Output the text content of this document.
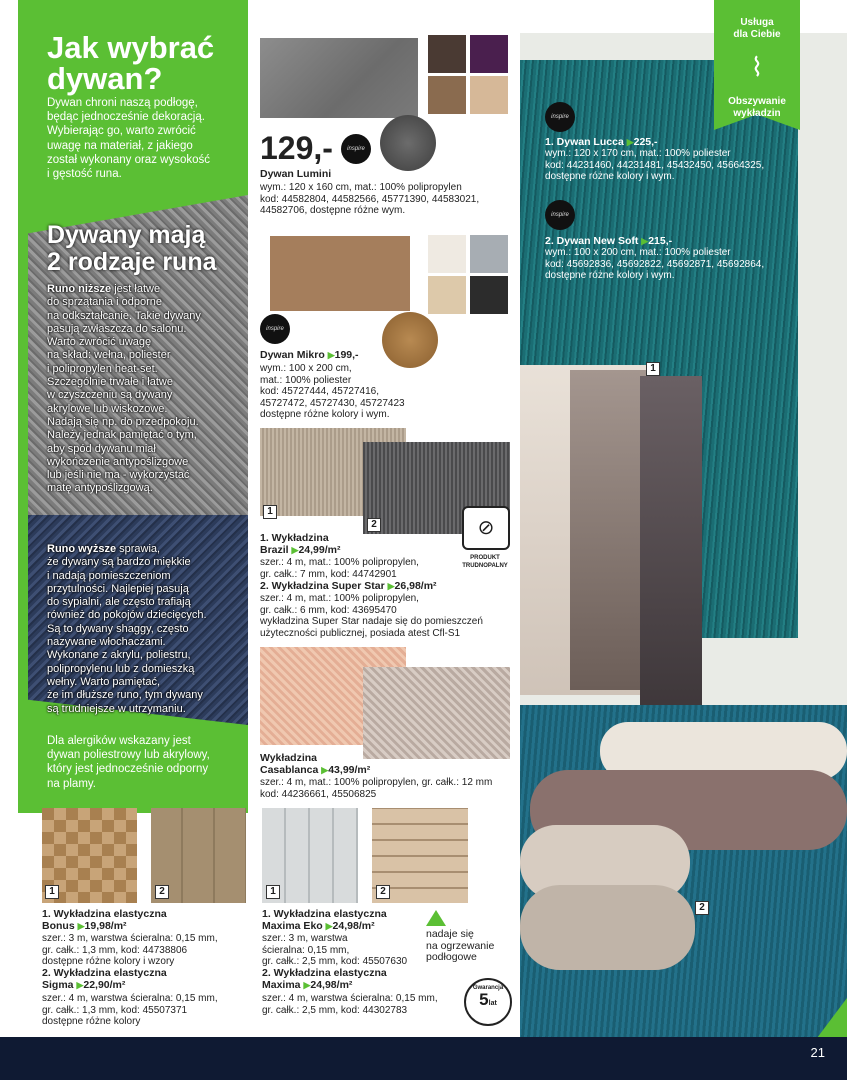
Jak wybrać
dywan?
Dywan chroni naszą podłogę,
będąc jednocześnie dekoracją.
Wybierając go, warto zwrócić
uwagę na materiał, z jakiego
został wykonany oraz wysokość
i gęstość runa.
Dywany mają
2 rodzaje runa
Runo niższe jest łatwe
do sprzątania i odporne
na odkształcanie. Takie dywany
pasują zwłaszcza do salonu.
Warto zwrócić uwagę
na skład: wełna, poliester
i polipropylen heat-set.
Szczególnie trwałe i łatwe
w czyszczeniu są dywany
akrylowe lub wiskozowe.
Nadają się np. do przedpokoju.
Należy jednak pamiętać o tym,
aby spód dywanu miał
wykończenie antypoślizgowe
lub jeśli nie ma - wykorzystać
matę antypoślizgową.
Runo wyższe sprawia,
że dywany są bardzo miękkie
i nadają pomieszczeniom
przytulności. Najlepiej pasują
do sypialni, ale często trafiają
również do pokojów dziecięcych.
Są to dywany shaggy, często
nazywane włochaczami.
Wykonane z akrylu, poliestru,
polipropylenu lub z domieszką
wełny. Warto pamiętać,
że im dłuższe runo, tym dywany
są trudniejsze w utrzymaniu.
Dla alergików wskazany jest
dywan poliestrowy lub akrylowy,
który jest jednocześnie odporny
na plamy.
129,-	inspire
Dywan Lumini
wym.: 120 x 160 cm, mat.: 100% polipropylen
kod: 44582804, 44582566, 45771390, 44583021,
44582706, dostępne różne wym.
inspire
Dywan Mikro ▶199,-
wym.: 100 x 200 cm,
mat.: 100% poliester
kod: 45727444, 45727416,
45727472, 45727430, 45727423
dostępne różne kolory i wym.
1
2	⊘
PRODUKT
TRUDNOPALNY
1. Wykładzina
Brazil ▶24,99/m²
szer.: 4 m, mat.: 100% polipropylen,
gr. całk.: 7 mm, kod: 44742901
2. Wykładzina Super Star ▶26,98/m²
szer.: 4 m, mat.: 100% polipropylen,
gr. całk.: 6 mm, kod: 43695470
wykładzina Super Star nadaje się do pomieszczeń
użyteczności publicznej, posiada atest Cfl-S1
Wykładzina
Casablanca ▶43,99/m²
szer.: 4 m, mat.: 100% polipropylen, gr. całk.: 12 mm
kod: 44236661, 45506825
1
2
Usługa
dla Ciebie
⌇
Obszywanie
wykładzin
inspire
1. Dywan Lucca ▶225,-
wym.: 120 x 170 cm, mat.: 100% poliester
kod: 44231460, 44231481, 45432450, 45664325,
dostępne różne kolory i wym.
inspire
2. Dywan New Soft ▶215,-
wym.: 100 x 200 cm, mat.: 100% poliester
kod: 45692836, 45692822, 45692871, 45692864,
dostępne różne kolory i wym.
1	2
1. Wykładzina elastyczna
Bonus ▶19,98/m²
szer.: 3 m, warstwa ścieralna: 0,15 mm,
gr. całk.: 1,3 mm, kod: 44738806
dostępne różne kolory i wzory
2. Wykładzina elastyczna
Sigma ▶22,90/m²
szer.: 4 m, warstwa ścieralna: 0,15 mm,
gr. całk.: 1,3 mm, kod: 45507371
dostępne różne kolory
1	2
1. Wykładzina elastyczna
Maxima Eko ▶24,98/m²
szer.: 3 m, warstwa
ścieralna: 0,15 mm,
gr. całk.: 2,5 mm, kod: 45507630
2. Wykładzina elastyczna
Maxima ▶24,98/m²
szer.: 4 m, warstwa ścieralna: 0,15 mm,
gr. całk.: 2,5 mm, kod: 44302783
nadaje się
na ogrzewanie
podłogowe
Gwarancja
5lat
21
